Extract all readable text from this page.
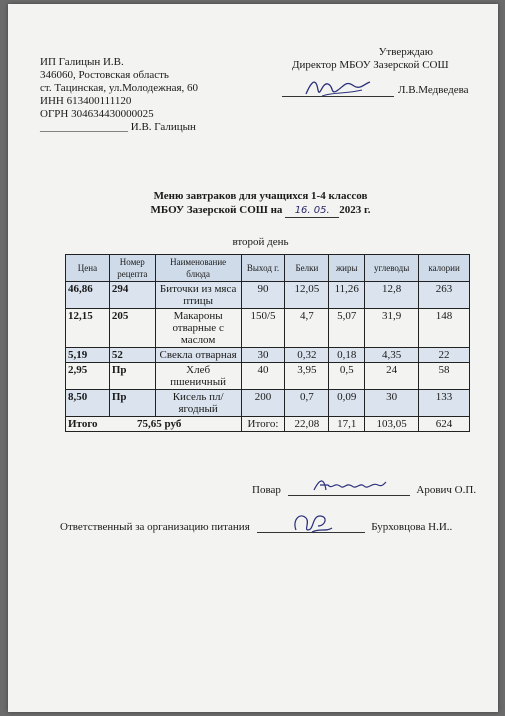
ИП Галицын И.В.
346060, Ростовская область
ст. Тацинская, ул.Молодежная, 60
ИНН 613400111120
ОГРН 304634430000025
________________ И.В. Галицын
Утверждаю
Директор МБОУ Зазерской СОШ
Л.В.Медведева
Меню завтраков для учащихся 1-4 классов
МБОУ Зазерской СОШ на 16. 05. 2023 г.
второй день
Цена	Номер рецепта	Наименование блюда	Выход г.	Белки	жиры	углеводы	калории
46,86	294	Биточки из мяса птицы	90	12,05	11,26	12,8	263
12,15	205	Макароны отварные с маслом	150/5	4,7	5,07	31,9	148
5,19	52	Свекла отварная	30	0,32	0,18	4,35	22
2,95	Пр	Хлеб пшеничный	40	3,95	0,5	24	58
8,50	Пр	Кисель пл/ягодный	200	0,7	0,09	30	133
Итого 75,65 руб			Итого:	22,08	17,1	103,05	624
Повар	Арович О.П.
Ответственный за организацию питания	Бурховцова Н.И..
